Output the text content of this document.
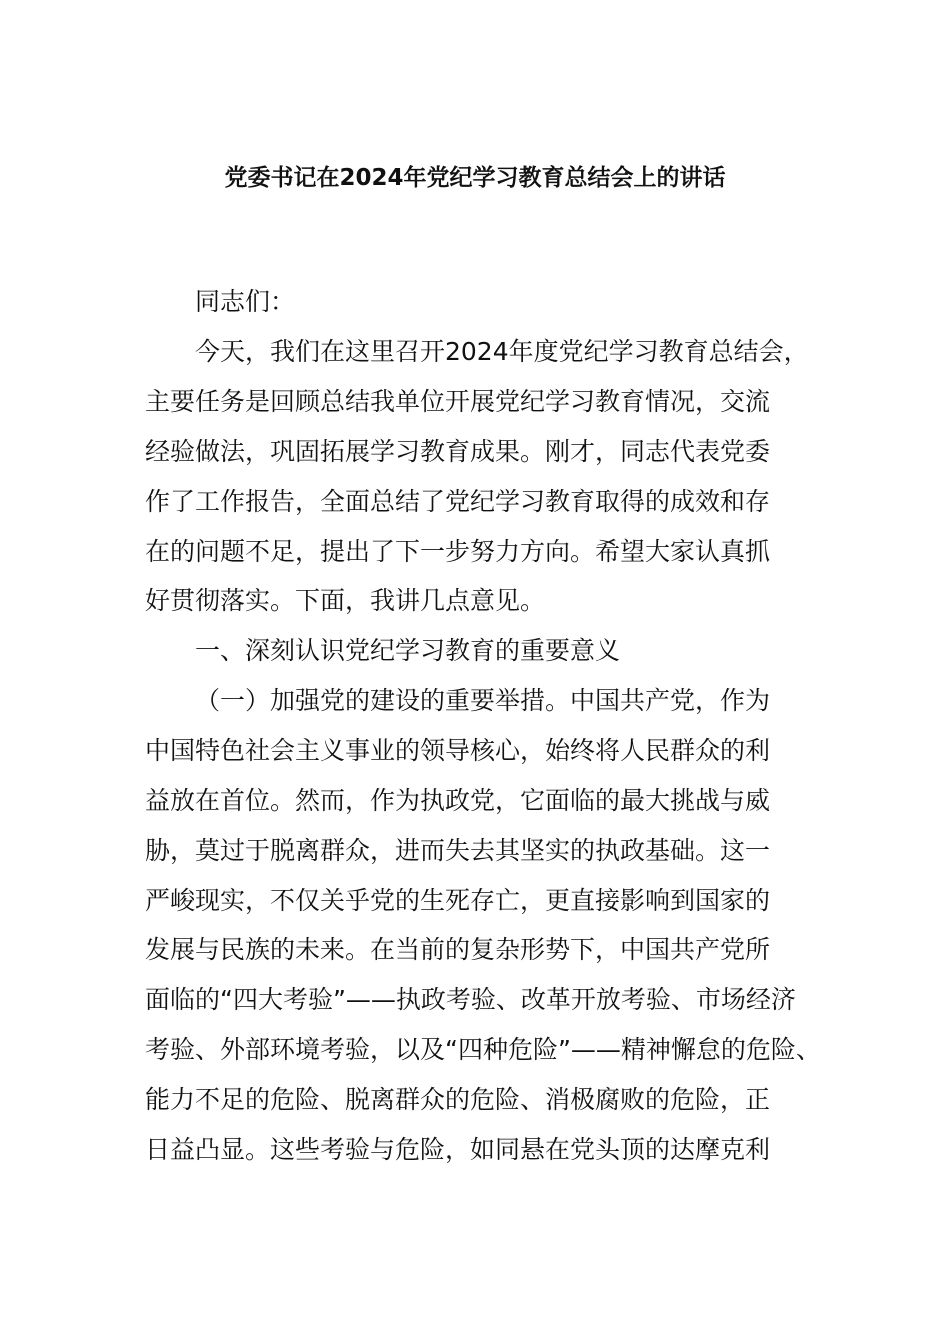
党委书记在2024年党纪学习教育总结会上的讲话

同志们：

今天，我们在这里召开2024年度党纪学习教育总结会，

主要任务是回顾总结我单位开展党纪学习教育情况，交流

经验做法，巩固拓展学习教育成果。刚才，同志代表党委

作了工作报告，全面总结了党纪学习教育取得的成效和存

在的问题不足，提出了下一步努力方向。希望大家认真抓

好贯彻落实。下面，我讲几点意见。

一、深刻认识党纪学习教育的重要意义

（一）加强党的建设的重要举措。中国共产党，作为

中国特色社会主义事业的领导核心，始终将人民群众的利

益放在首位。然而，作为执政党，它面临的最大挑战与威

胁，莫过于脱离群众，进而失去其坚实的执政基础。这一

严峻现实，不仅关乎党的生死存亡，更直接影响到国家的

发展与民族的未来。在当前的复杂形势下，中国共产党所

面临的“四大考验”——执政考验、改革开放考验、市场经济

考验、外部环境考验，以及“四种危险”——精神懈怠的危险、

能力不足的危险、脱离群众的危险、消极腐败的危险，正

日益凸显。这些考验与危险，如同悬在党头顶的达摩克利
